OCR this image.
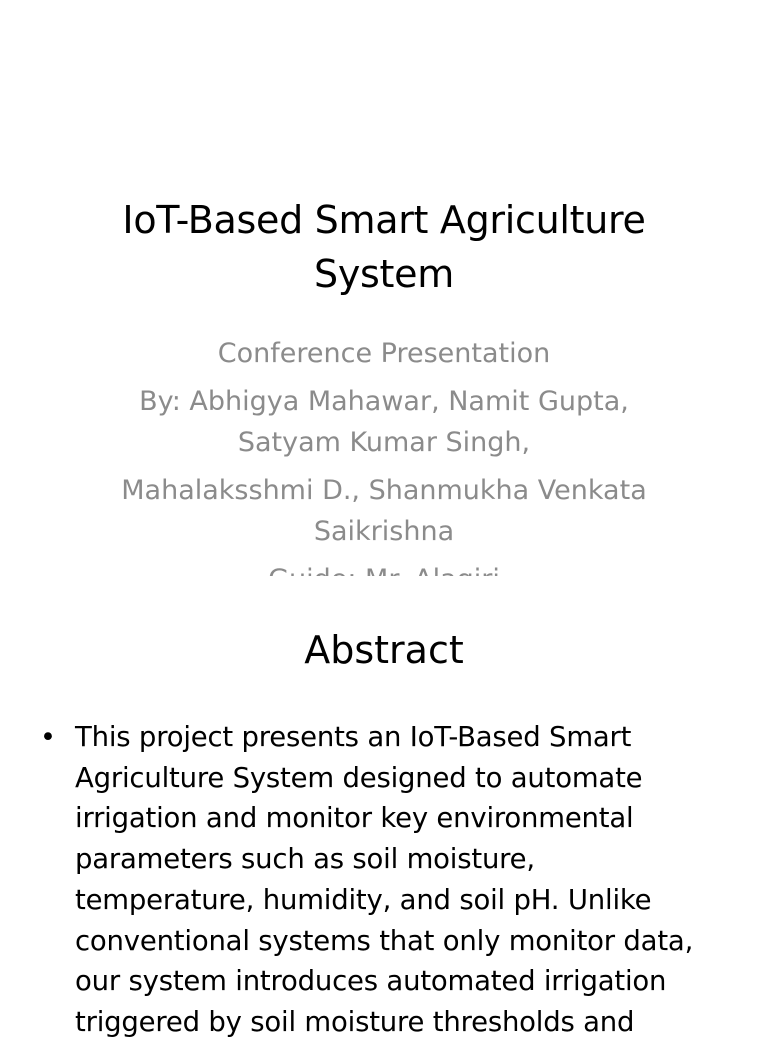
IoT-Based Smart Agriculture System

Conference Presentation

By: Abhigya Mahawar, Namit Gupta, Satyam Kumar Singh,

Mahalaksshmi D., Shanmukha Venkata Saikrishna

Abstract
• This project presents an IoT-Based Smart Agriculture System designed to automate irrigation and monitor key environmental parameters such as soil moisture, temperature, humidity, and soil pH. Unlike conventional systems that only monitor data, our system introduces automated irrigation triggered by soil moisture thresholds and
